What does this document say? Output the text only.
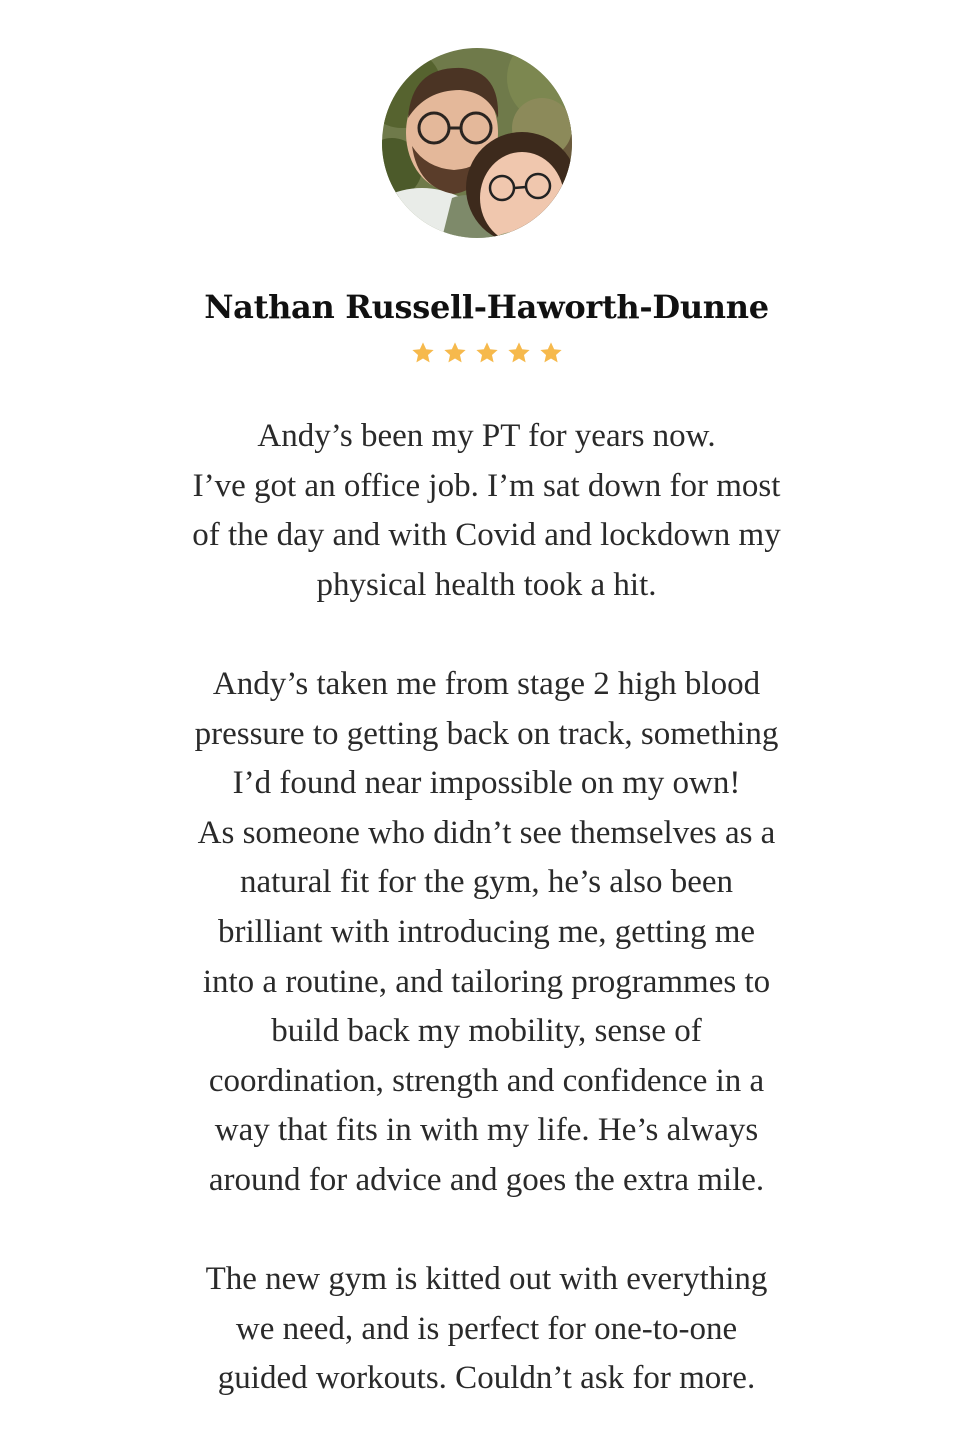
Nathan Russell-Haworth-Dunne
Andy’s been my PT for years now.
I’ve got an office job. I’m sat down for most
of the day and with Covid and lockdown my
physical health took a hit.
Andy’s taken me from stage 2 high blood
pressure to getting back on track, something
I’d found near impossible on my own!
As someone who didn’t see themselves as a
natural fit for the gym, he’s also been
brilliant with introducing me, getting me
into a routine, and tailoring programmes to
build back my mobility, sense of
coordination, strength and confidence in a
way that fits in with my life. He’s always
around for advice and goes the extra mile.
The new gym is kitted out with everything
we need, and is perfect for one-to-one
guided workouts. Couldn’t ask for more.
